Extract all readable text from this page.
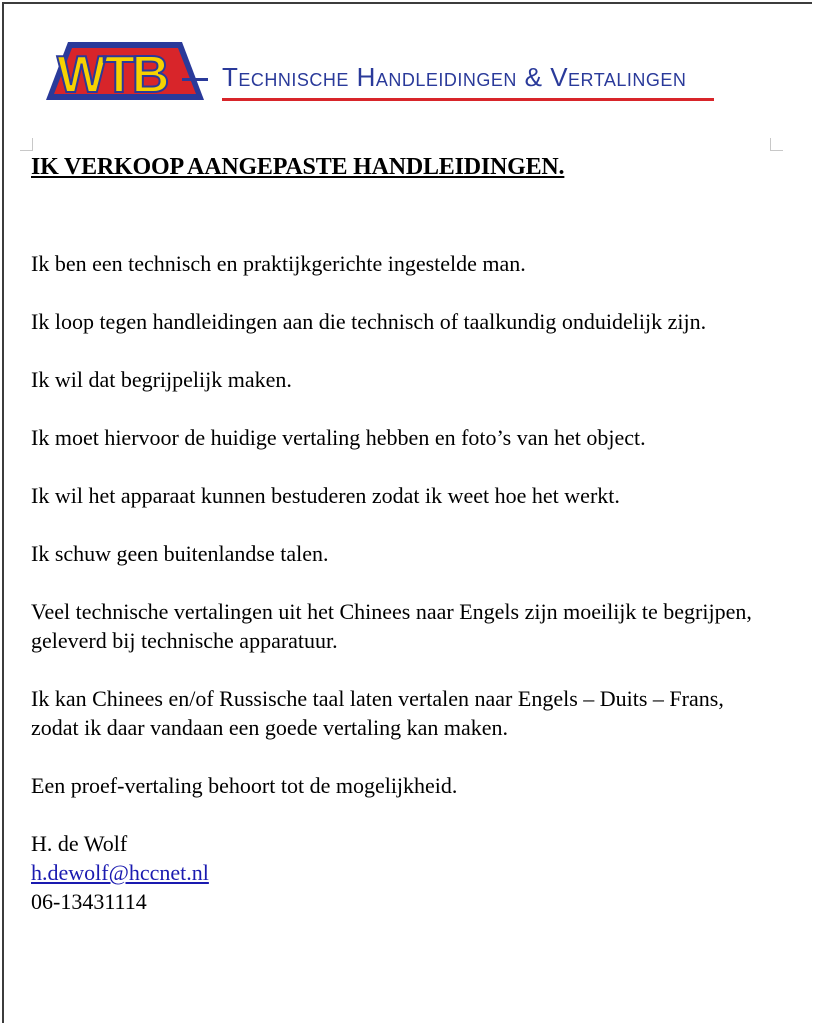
WTB Technische Handleidingen & Vertalingen

IK VERKOOP AANGEPASTE HANDLEIDINGEN.

Ik ben een technisch en praktijkgerichte ingestelde man.

Ik loop tegen handleidingen aan die technisch of taalkundig onduidelijk zijn.

Ik wil dat begrijpelijk maken.

Ik moet hiervoor de huidige vertaling hebben en foto’s van het object.

Ik wil het apparaat kunnen bestuderen zodat ik weet hoe het werkt.

Ik schuw geen buitenlandse talen.

Veel technische vertalingen uit het Chinees naar Engels zijn moeilijk te begrijpen, geleverd bij technische apparatuur.

Ik kan Chinees en/of Russische taal laten vertalen naar Engels – Duits – Frans, zodat ik daar vandaan een goede vertaling kan maken.

Een proef-vertaling behoort tot de mogelijkheid.

H. de Wolf
h.dewolf@hccnet.nl
06-13431114
